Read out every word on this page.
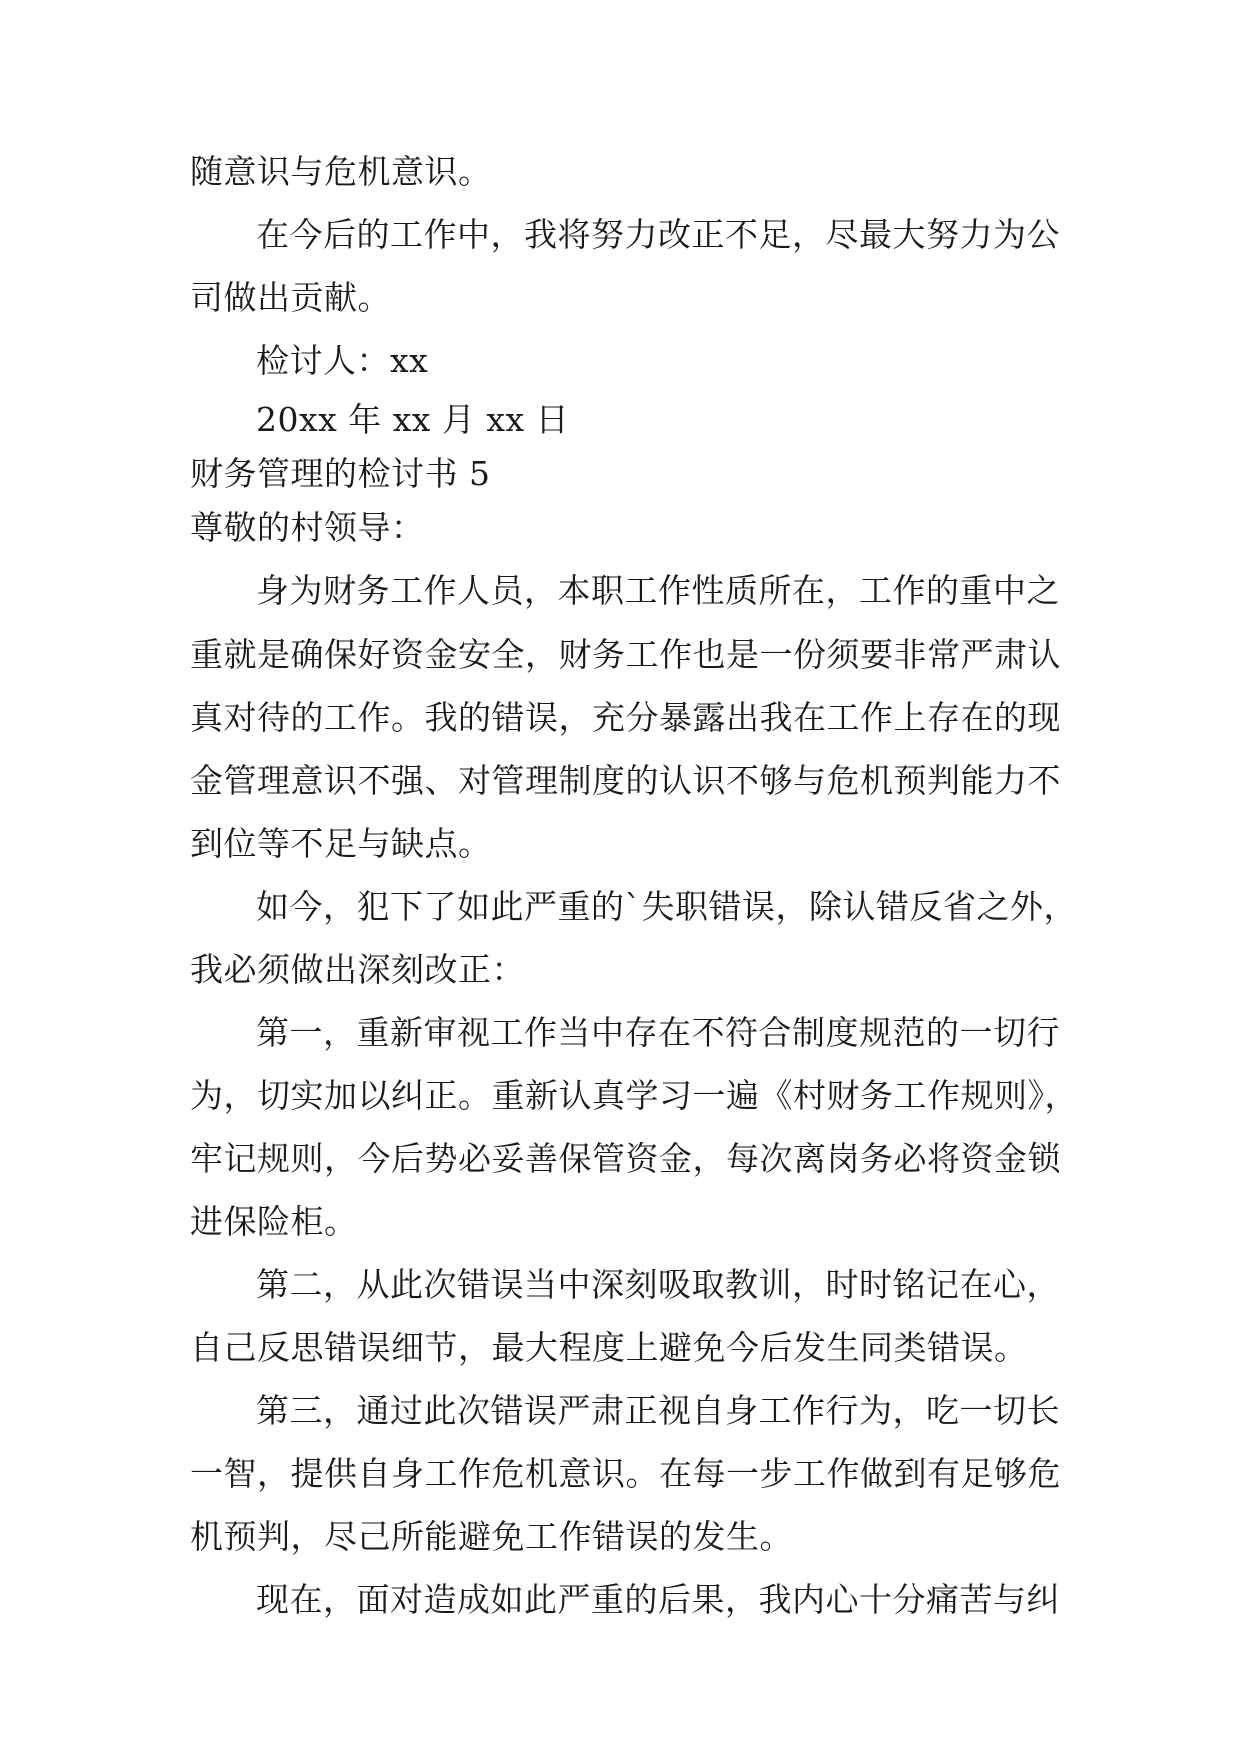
随意识与危机意识。

在今后的工作中，我将努力改正不足，尽最大努力为公

司做出贡献。

检讨人：xx

20xx 年 xx 月 xx 日

财务管理的检讨书 5

尊敬的村领导：

身为财务工作人员，本职工作性质所在，工作的重中之

重就是确保好资金安全，财务工作也是一份须要非常严肃认

真对待的工作。我的错误，充分暴露出我在工作上存在的现

金管理意识不强、对管理制度的认识不够与危机预判能力不

到位等不足与缺点。

如今，犯下了如此严重的`失职错误，除认错反省之外，

我必须做出深刻改正：

第一，重新审视工作当中存在不符合制度规范的一切行

为，切实加以纠正。重新认真学习一遍《村财务工作规则》，

牢记规则，今后势必妥善保管资金，每次离岗务必将资金锁

进保险柜。

第二，从此次错误当中深刻吸取教训，时时铭记在心，

自己反思错误细节，最大程度上避免今后发生同类错误。

第三，通过此次错误严肃正视自身工作行为，吃一切长

一智，提供自身工作危机意识。在每一步工作做到有足够危

机预判，尽己所能避免工作错误的发生。

现在，面对造成如此严重的后果，我内心十分痛苦与纠
